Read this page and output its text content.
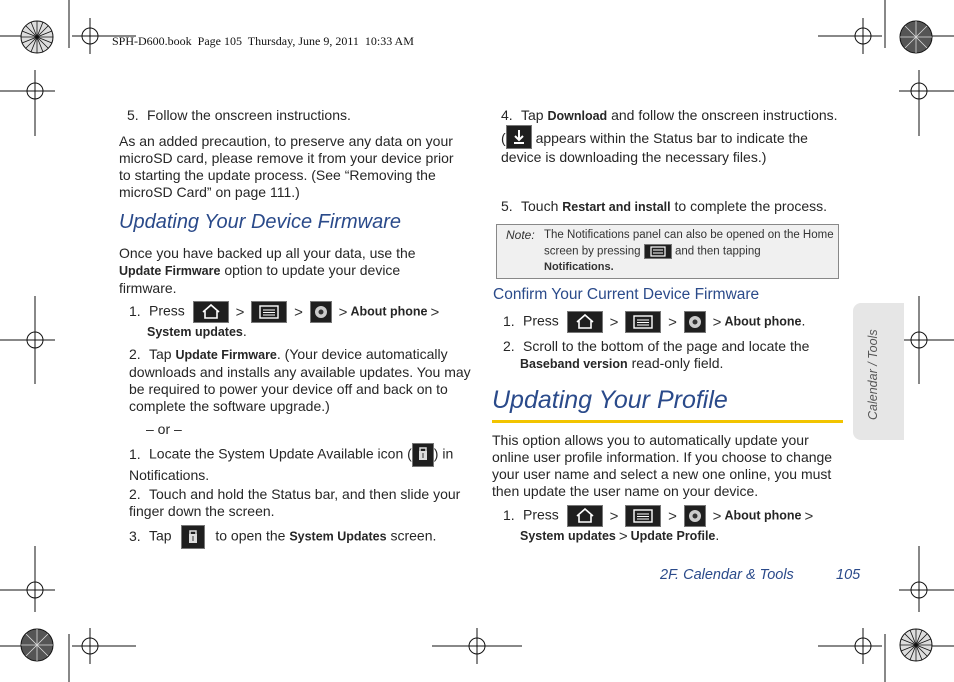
SPH-D600.book  Page 105  Thursday, June 9, 2011  10:33 AM
5. Follow the onscreen instructions.
As an added precaution, to preserve any data on your microSD card, please remove it from your device prior to starting the update process. (See “Removing the microSD Card” on page 111.)
Updating Your Device Firmware
Once you have backed up all your data, use the
Update Firmware option to update your device firmware.
1. Press	>	> > About phone >
System updates.
2. Tap Update Firmware. (Your device automatically downloads and installs any available updates. You may be required to power your device off and back on to complete the software upgrade.)
– or –
1. Locate the System Update Available icon ( ) in Notifications.
2. Touch and hold the Status bar, and then slide your finger down the screen.
3. Tap	to open the System Updates screen.
4. Tap Download and follow the onscreen instructions. ( appears within the Status bar to indicate the device is downloading the necessary files.)
5. Touch Restart and install to complete the process.
Note: The Notifications panel can also be opened on the Home screen by pressing	and then tapping
Notifications.
Confirm Your Current Device Firmware
1. Press	>	> > About phone.
2. Scroll to the bottom of the page and locate the
Baseband version read-only field.
Updating Your Profile
This option allows you to automatically update your online user profile information. If you choose to change your user name and select a new one online, you must then update the user name on your device.
1. Press	>	> > About phone >
System updates > Update Profile.
Calendar / Tools
2F. Calendar & Tools	105
